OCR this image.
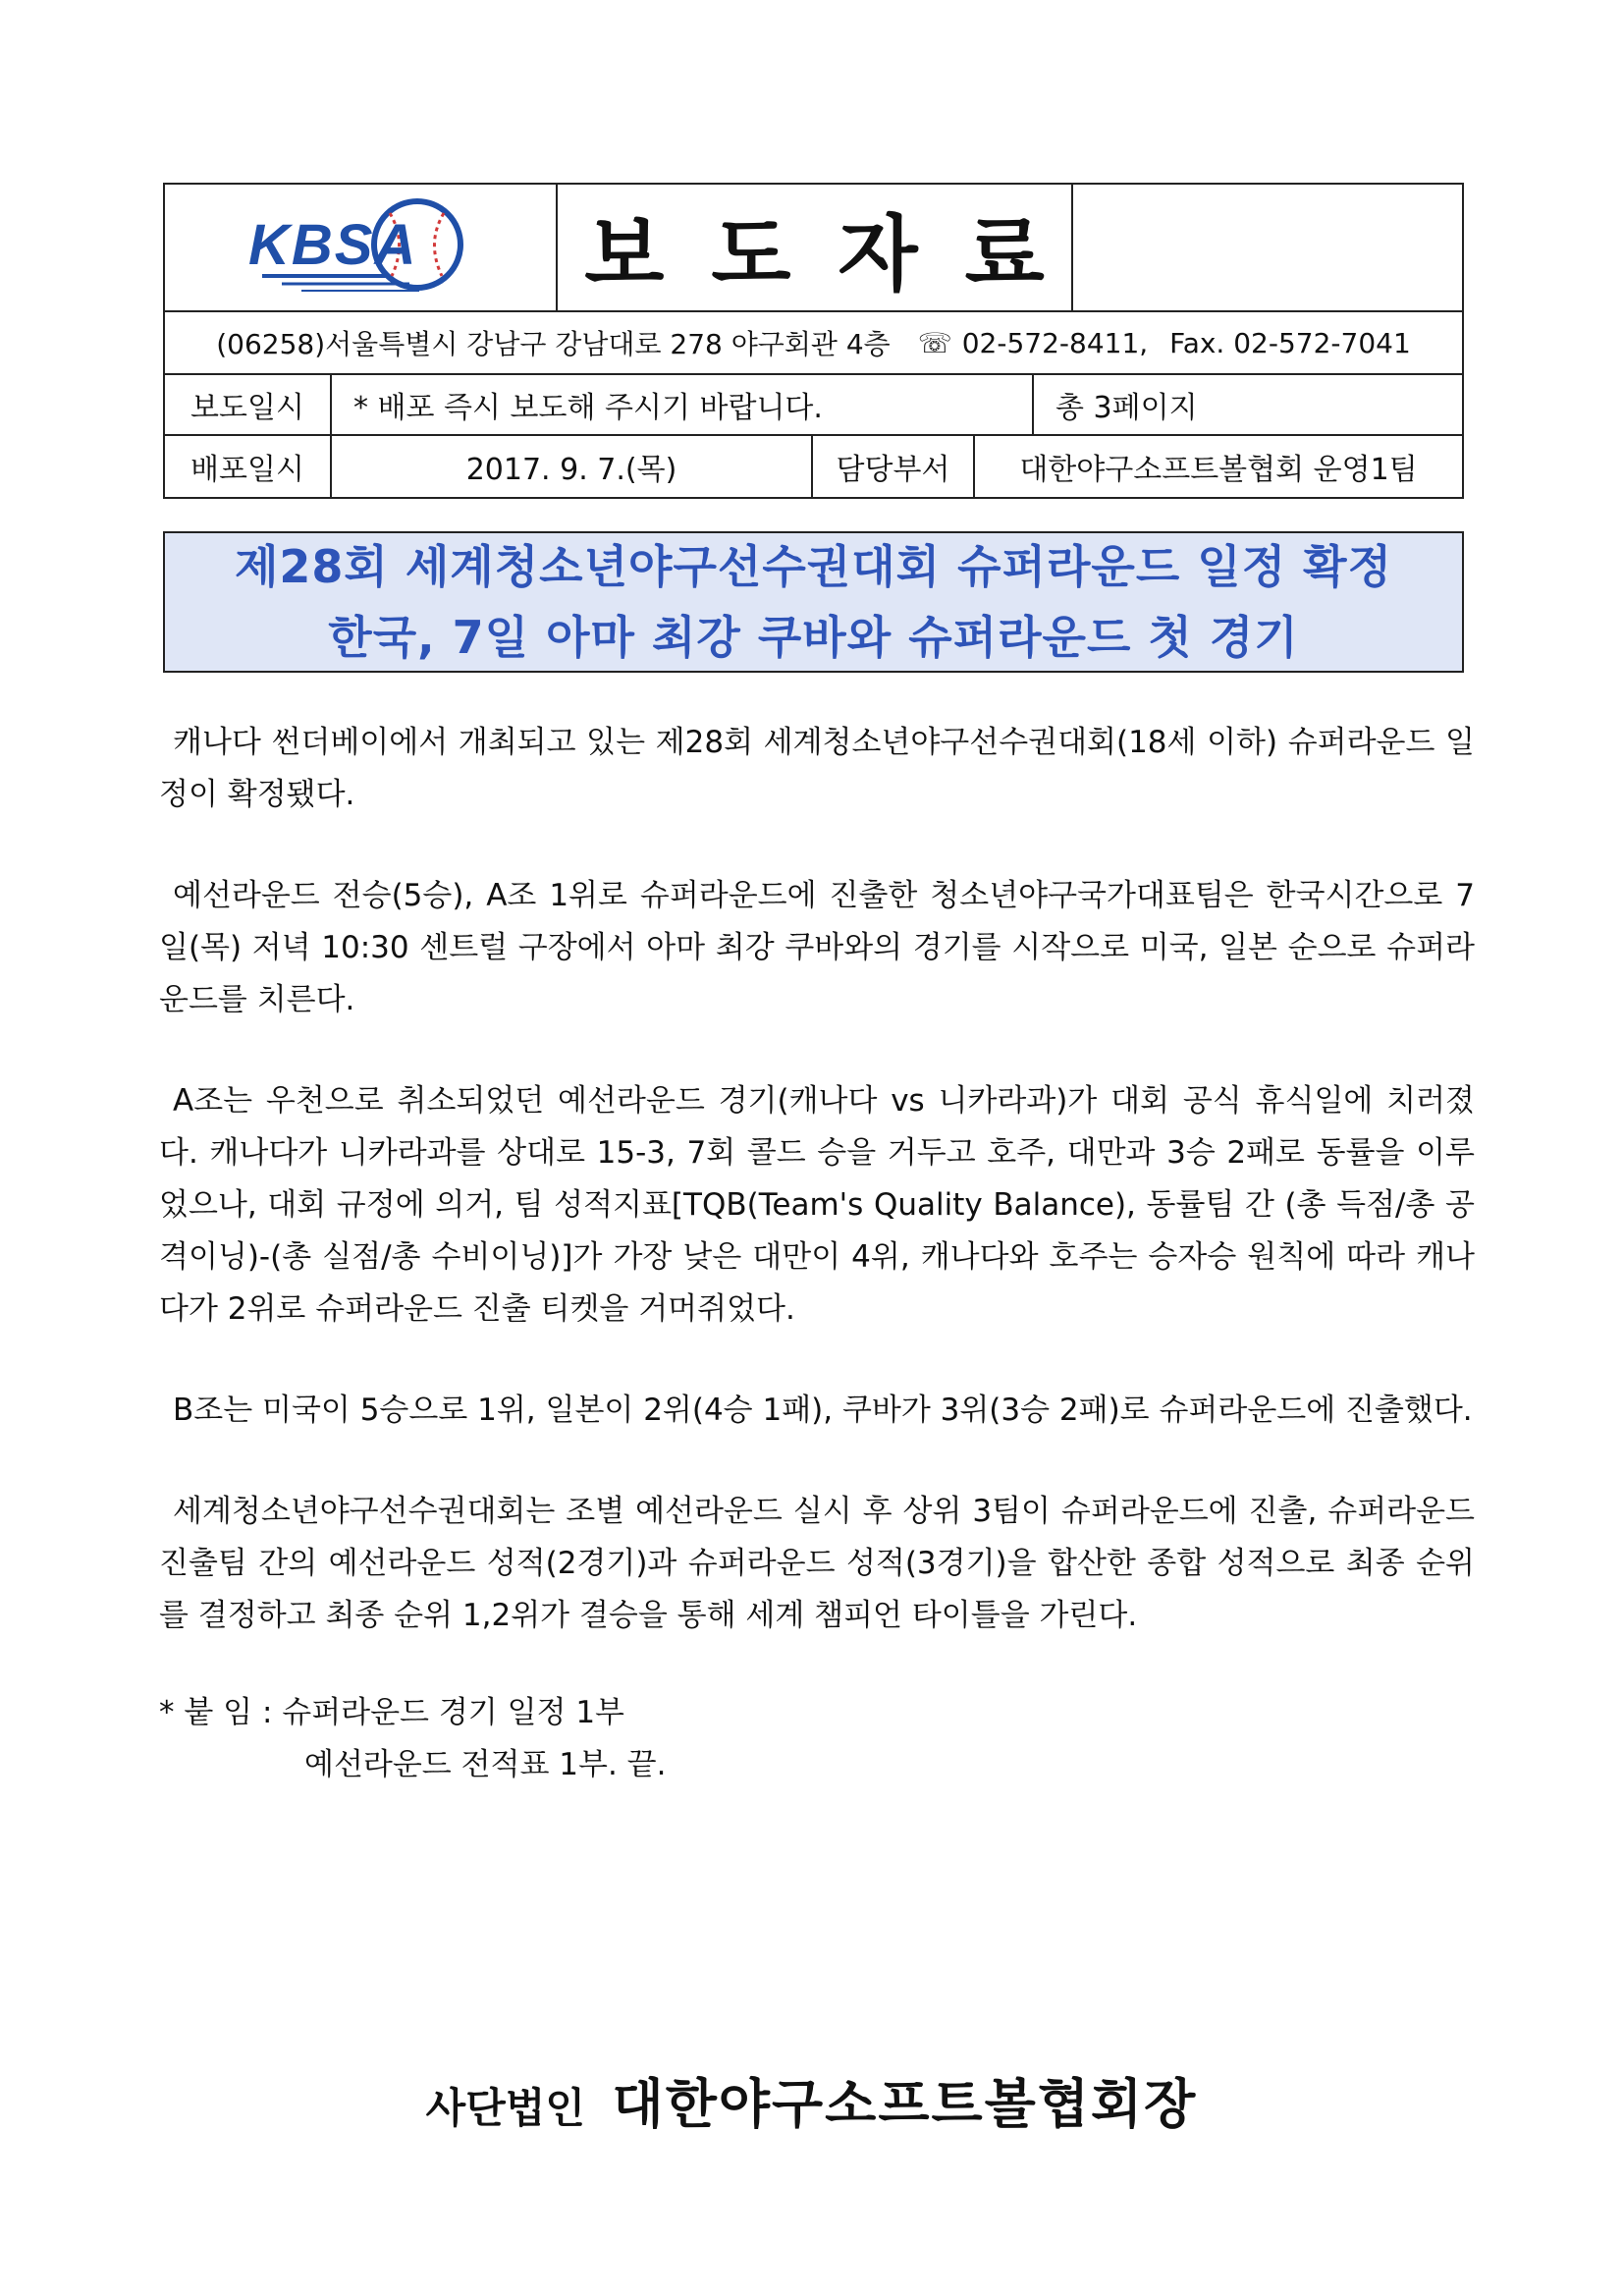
KBSA 보도자료
(06258)서울특별시 강남구 강남대로 278 야구회관 4층 ☏ 02-572-8411, Fax. 02-572-7041
보도일시	* 배포 즉시 보도해 주시기 바랍니다.	총 3페이지
배포일시	2017. 9. 7.(목)	담당부서	대한야구소프트볼협회 운영1팀
제28회 세계청소년야구선수권대회 슈퍼라운드 일정 확정
한국, 7일 아마 최강 쿠바와 슈퍼라운드 첫 경기

캐나다 썬더베이에서 개최되고 있는 제28회 세계청소년야구선수권대회(18세 이하) 슈퍼라운드 일정이 확정됐다.

예선라운드 전승(5승), A조 1위로 슈퍼라운드에 진출한 청소년야구국가대표팀은 한국시간으로 7일(목) 저녁 10:30 센트럴 구장에서 아마 최강 쿠바와의 경기를 시작으로 미국, 일본 순으로 슈퍼라운드를 치른다.

A조는 우천으로 취소되었던 예선라운드 경기(캐나다 vs 니카라과)가 대회 공식 휴식일에 치러졌다. 캐나다가 니카라과를 상대로 15-3, 7회 콜드 승을 거두고 호주, 대만과 3승 2패로 동률을 이루었으나, 대회 규정에 의거, 팀 성적지표[TQB(Team's Quality Balance), 동률팀 간 (총 득점/총 공격이닝)-(총 실점/총 수비이닝)]가 가장 낮은 대만이 4위, 캐나다와 호주는 승자승 원칙에 따라 캐나다가 2위로 슈퍼라운드 진출 티켓을 거머쥐었다.

B조는 미국이 5승으로 1위, 일본이 2위(4승 1패), 쿠바가 3위(3승 2패)로 슈퍼라운드에 진출했다.

세계청소년야구선수권대회는 조별 예선라운드 실시 후 상위 3팀이 슈퍼라운드에 진출, 슈퍼라운드 진출팀 간의 예선라운드 성적(2경기)과 슈퍼라운드 성적(3경기)을 합산한 종합 성적으로 최종 순위를 결정하고 최종 순위 1,2위가 결승을 통해 세계 챔피언 타이틀을 가린다.

* 붙 임 : 슈퍼라운드 경기 일정 1부
예선라운드 전적표 1부. 끝.
사단법인 대한야구소프트볼협회장
